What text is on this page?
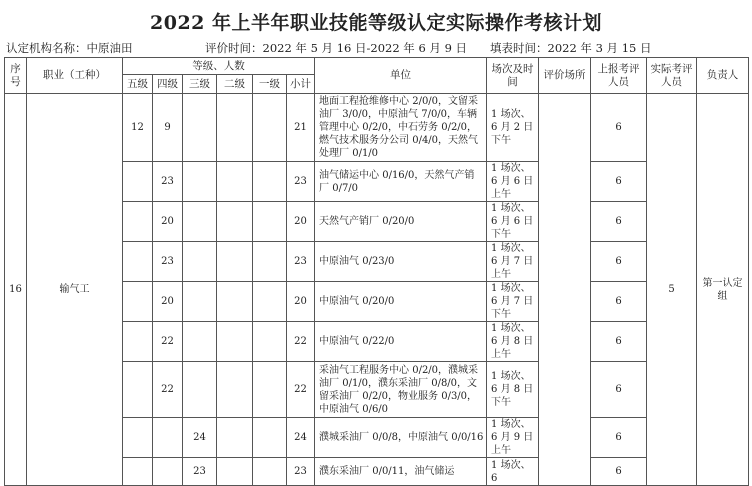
2022 年上半年职业技能等级认定实际操作考核计划
认定机构名称：中原油田	评价时间：2022 年 5 月 16 日-2022 年 6 月 9 日 填表时间：2022 年 3 月 15 日
序号	职业（工种）	等级、人数						单位	场次及时间	评价场所	上报考评人员	实际考评人员	负责人
		五级	四级	三级	二级	一级	小计						
16	输气工	12	9				21	地面工程抢维修中心 2/0/0，文留采油厂 3/0/0，中原油气 7/0/0，车辆管理中心 0/2/0，中石劳务 0/2/0，燃气技术服务分公司 0/4/0，天然气处理厂 0/1/0	1 场次、6 月 2 日下午		6	5	第一认定组
			23				23	油气储运中心 0/16/0，天然气产销厂 0/7/0	1 场次、6 月 6 日上午		6		
			20				20	天然气产销厂 0/20/0	1 场次、6 月 6 日下午		6		
			23				23	中原油气 0/23/0	1 场次、6 月 7 日上午		6		
			20				20	中原油气 0/20/0	1 场次、6 月 7 日下午		6		
			22				22	中原油气 0/22/0	1 场次、6 月 8 日上午		6		
			22				22	采油气工程服务中心 0/2/0，濮城采油厂 0/1/0，濮东采油厂 0/8/0，文留采油厂 0/2/0，物业服务 0/3/0，中原油气 0/6/0	1 场次、6 月 8 日下午		6		
				24			24	濮城采油厂 0/0/8，中原油气 0/0/16	1 场次、6 月 9 日上午		6		
				23			23	濮东采油厂 0/0/11，油气储运	1 场次、6		6		
